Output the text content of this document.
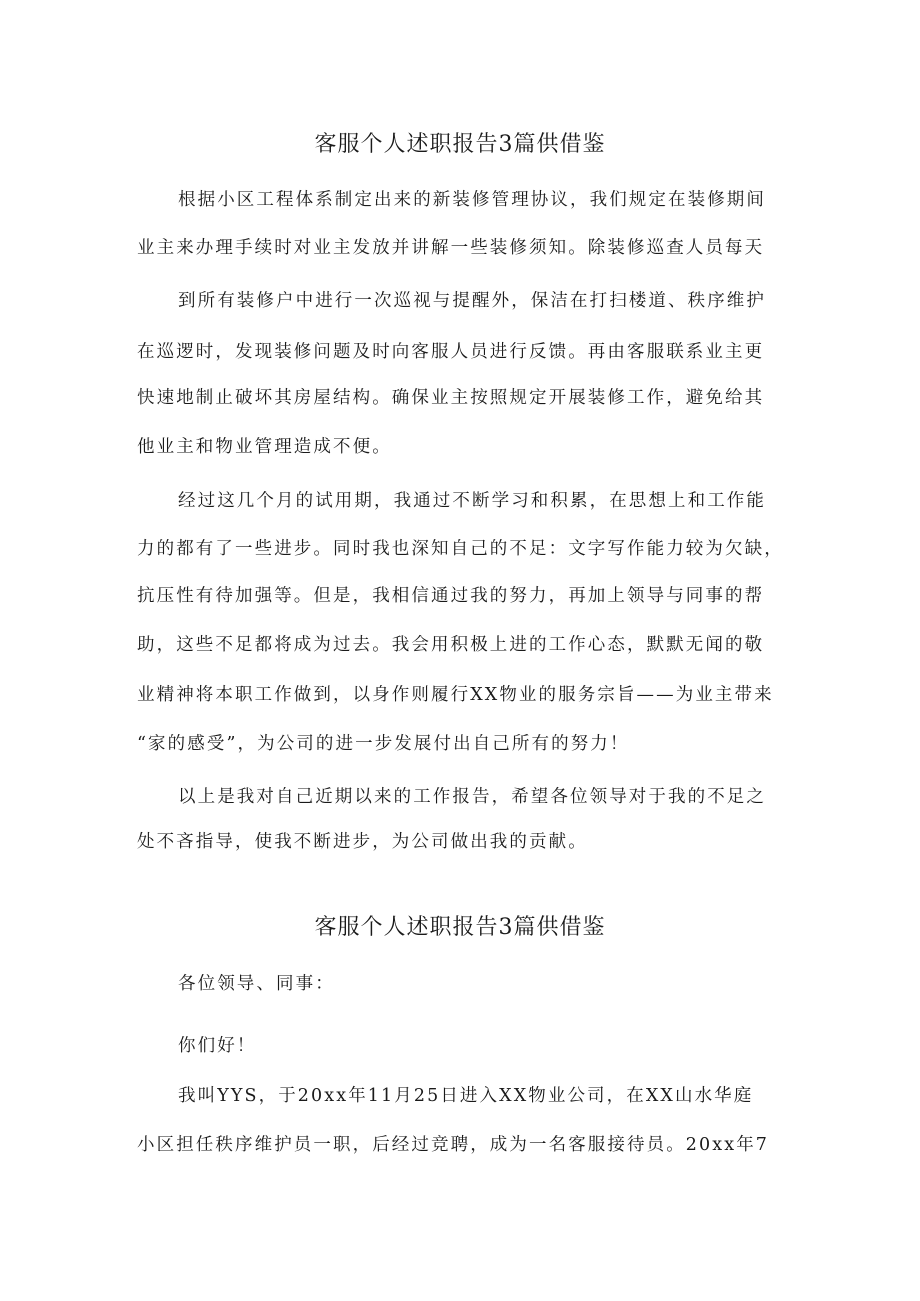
客服个人述职报告3篇供借鉴
根据小区工程体系制定出来的新装修管理协议，我们规定在装修期间
业主来办理手续时对业主发放并讲解一些装修须知。除装修巡查人员每天
到所有装修户中进行一次巡视与提醒外，保洁在打扫楼道、秩序维护
在巡逻时，发现装修问题及时向客服人员进行反馈。再由客服联系业主更
快速地制止破坏其房屋结构。确保业主按照规定开展装修工作，避免给其
他业主和物业管理造成不便。
经过这几个月的试用期，我通过不断学习和积累，在思想上和工作能
力的都有了一些进步。同时我也深知自己的不足：文字写作能力较为欠缺，
抗压性有待加强等。但是，我相信通过我的努力，再加上领导与同事的帮
助，这些不足都将成为过去。我会用积极上进的工作心态，默默无闻的敬
业精神将本职工作做到，以身作则履行XX物业的服务宗旨——为业主带来
“家的感受”，为公司的进一步发展付出自己所有的努力！
以上是我对自己近期以来的工作报告，希望各位领导对于我的不足之
处不吝指导，使我不断进步，为公司做出我的贡献。
客服个人述职报告3篇供借鉴
各位领导、同事：
你们好！
我叫YYS，于20xx年11月25日进入XX物业公司，在XX山水华庭
小区担任秩序维护员一职，后经过竞聘，成为一名客服接待员。20xx年7
